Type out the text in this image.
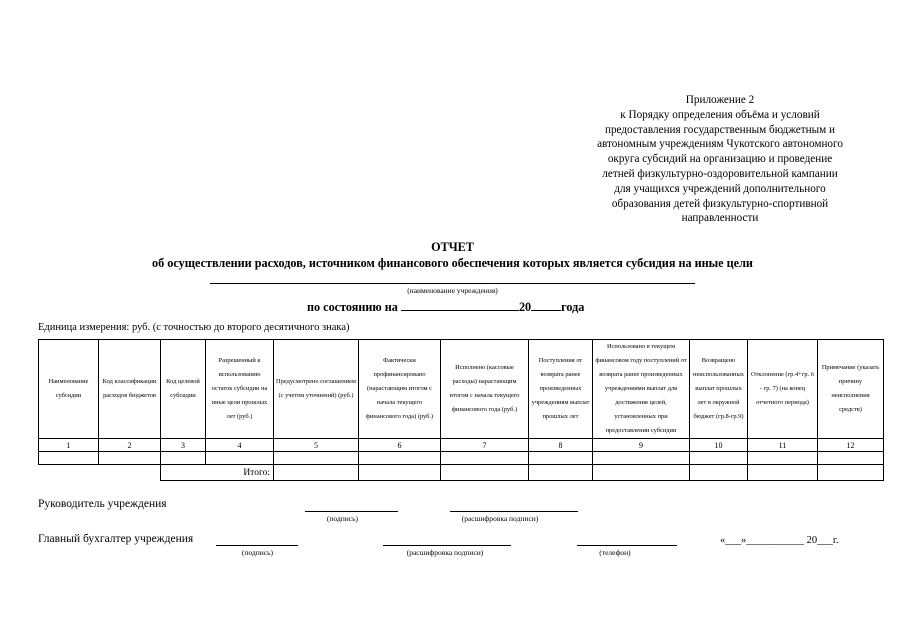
Приложение 2
к Порядку определения объёма и условий
предоставления государственным бюджетным и
автономным учреждениям Чукотского автономного
округа субсидий на организацию и проведение
летней физкультурно-оздоровительной кампании
для учащихся учреждений дополнительного
образования детей физкультурно-спортивной
направленности
ОТЧЕТ
об осуществлении расходов, источником финансового обеспечения которых является субсидия на иные цели
(наименование учреждения)
по состоянию на	20 года
Единица измерения: руб. (с точностью до второго десятичного знака)
Наименование субсидии	Код классификации расходов бюджетов	Код целевой субсидии	Разрешенный к использованию остаток субсидии на иные цели прошлых лет (руб.)	Предусмотрено соглашением (с учетом уточнений) (руб.)	Фактически профинансировано (нарастающим итогом с начала текущего финансового года) (руб.)	Исполнено (кассовые расходы) нарастающим итогом с начала текущего финансового года (руб.)	Поступления от возврата ранее произведенных учреждениям выплат прошлых лет	Использовано в текущем финансовом году поступлений от возврата ранее произведенных учреждениями выплат для достижения целей, установленных при предоставлении субсидии	Возвращено неиспользованных выплат прошлых лет в окружной бюджет (гр.8-гр.9)	Отклонение (гр.4+гр. 6 - гр. 7) (на конец отчетного периода)	Примечание (указать причину неисполнения средств)
1	2	3	4	5	6	7	8	9	10	11	12

		Итого:									
Руководитель учреждения
(подпись)	(расшифровка подписи)
Главный бухгалтер учреждения
(подпись)	(расшифровка подписи)	(телефон)
«___»___________ 20___г.
